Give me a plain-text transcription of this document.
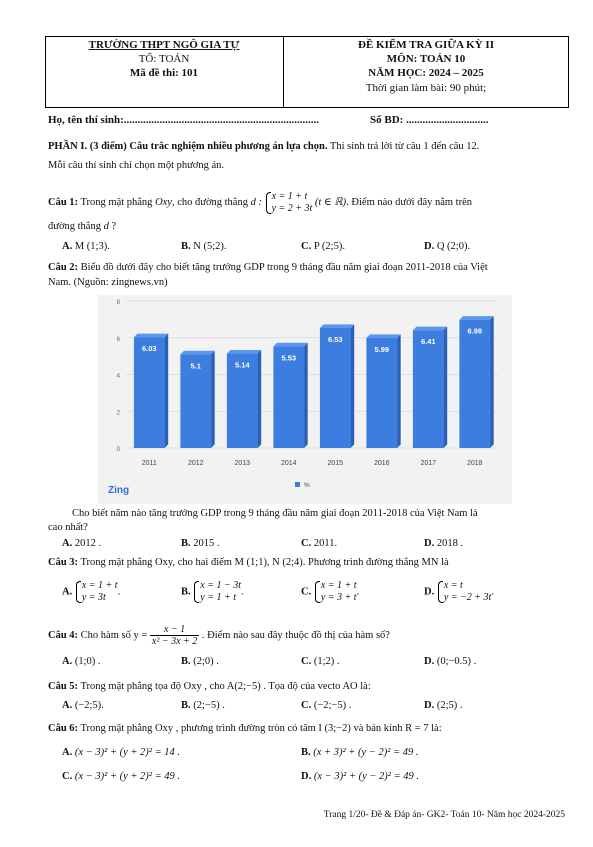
TRƯỜNG THPT NGÔ GIA TỰ
TỔ: TOÁN
Mã đề thi: 101
ĐỀ KIỂM TRA GIỮA KỲ II
MÔN: TOÁN 10
NĂM HỌC: 2024 – 2025
Thời gian làm bài: 90 phút;
Họ, tên thí sinh:.......................................................................	Số BD: ..............................
PHẦN I. (3 điểm) Câu trắc nghiệm nhiều phương án lựa chọn. Thí sinh trả lời từ câu 1 đến câu 12.
Mỗi câu thí sinh chỉ chọn một phương án.
Câu 1: Trong mặt phẳng Oxy, cho đường thẳng d :
x = 1 + t
y = 2 + 3t
(t ∈ ℝ). Điểm nào dưới đây nằm trên
đường thẳng d ?
A. M (1;3).	B. N (5;2).	C. P (2;5).	D. Q (2;0).
Câu 2: Biểu đồ dưới đây cho biết tăng trưởng GDP trong 9 tháng đầu năm giai đoạn 2011-2018 của Việt
Nam. (Nguồn: zingnews.vn)
0
2
4
6
8
6.03
2011
5.1
2012
5.14
2013
5.53
2014
6.53
2015
5.99
2016
6.41
2017
6.98
2018
%
Zing
Cho biết năm nào tăng trưởng GDP trong 9 tháng đầu năm giai đoạn 2011-2018 của Việt Nam là
cao nhất?
A. 2012 .	B. 2015 .	C. 2011.	D. 2018 .
Câu 3: Trong mặt phẳng Oxy, cho hai điểm M (1;1), N (2;4). Phương trình đường thẳng MN là
A.
x = 1 + t
y = 3t
.	B.
x = 1 − 3t
y = 1 + t
.	C.
x = 1 + t
y = 3 + t
.	D.
x = t
y = −2 + 3t
.
Câu 4: Cho hàm số $y = \frac{x - 1}{\text{x² − 3x + 2}}$ . Điểm nào sau đây thuộc đồ thị của hàm số?
A. (1;0) .	B. (2;0) .	C. (1;2) .	D. (0;−0.5) .
Câu 5: Trong mặt phẳng tọa độ Oxy , cho A(2;−5) . Tọa độ của vecto AO là:
A. (−2;5).	B. (2;−5) .	C. (−2;−5) .	D. (2;5) .
Câu 6: Trong mặt phẳng Oxy , phương trình đường tròn có tâm I (3;−2) và bán kính R = 7 là:
A. (x − 3)² + (y + 2)² = 14 .	B. (x + 3)² + (y − 2)² = 49 .
C. (x − 3)² + (y + 2)² = 49 .	D. (x − 3)² + (y − 2)² = 49 .
Trang 1/20- Đề & Đáp án- GK2- Toán 10- Năm học 2024-2025
